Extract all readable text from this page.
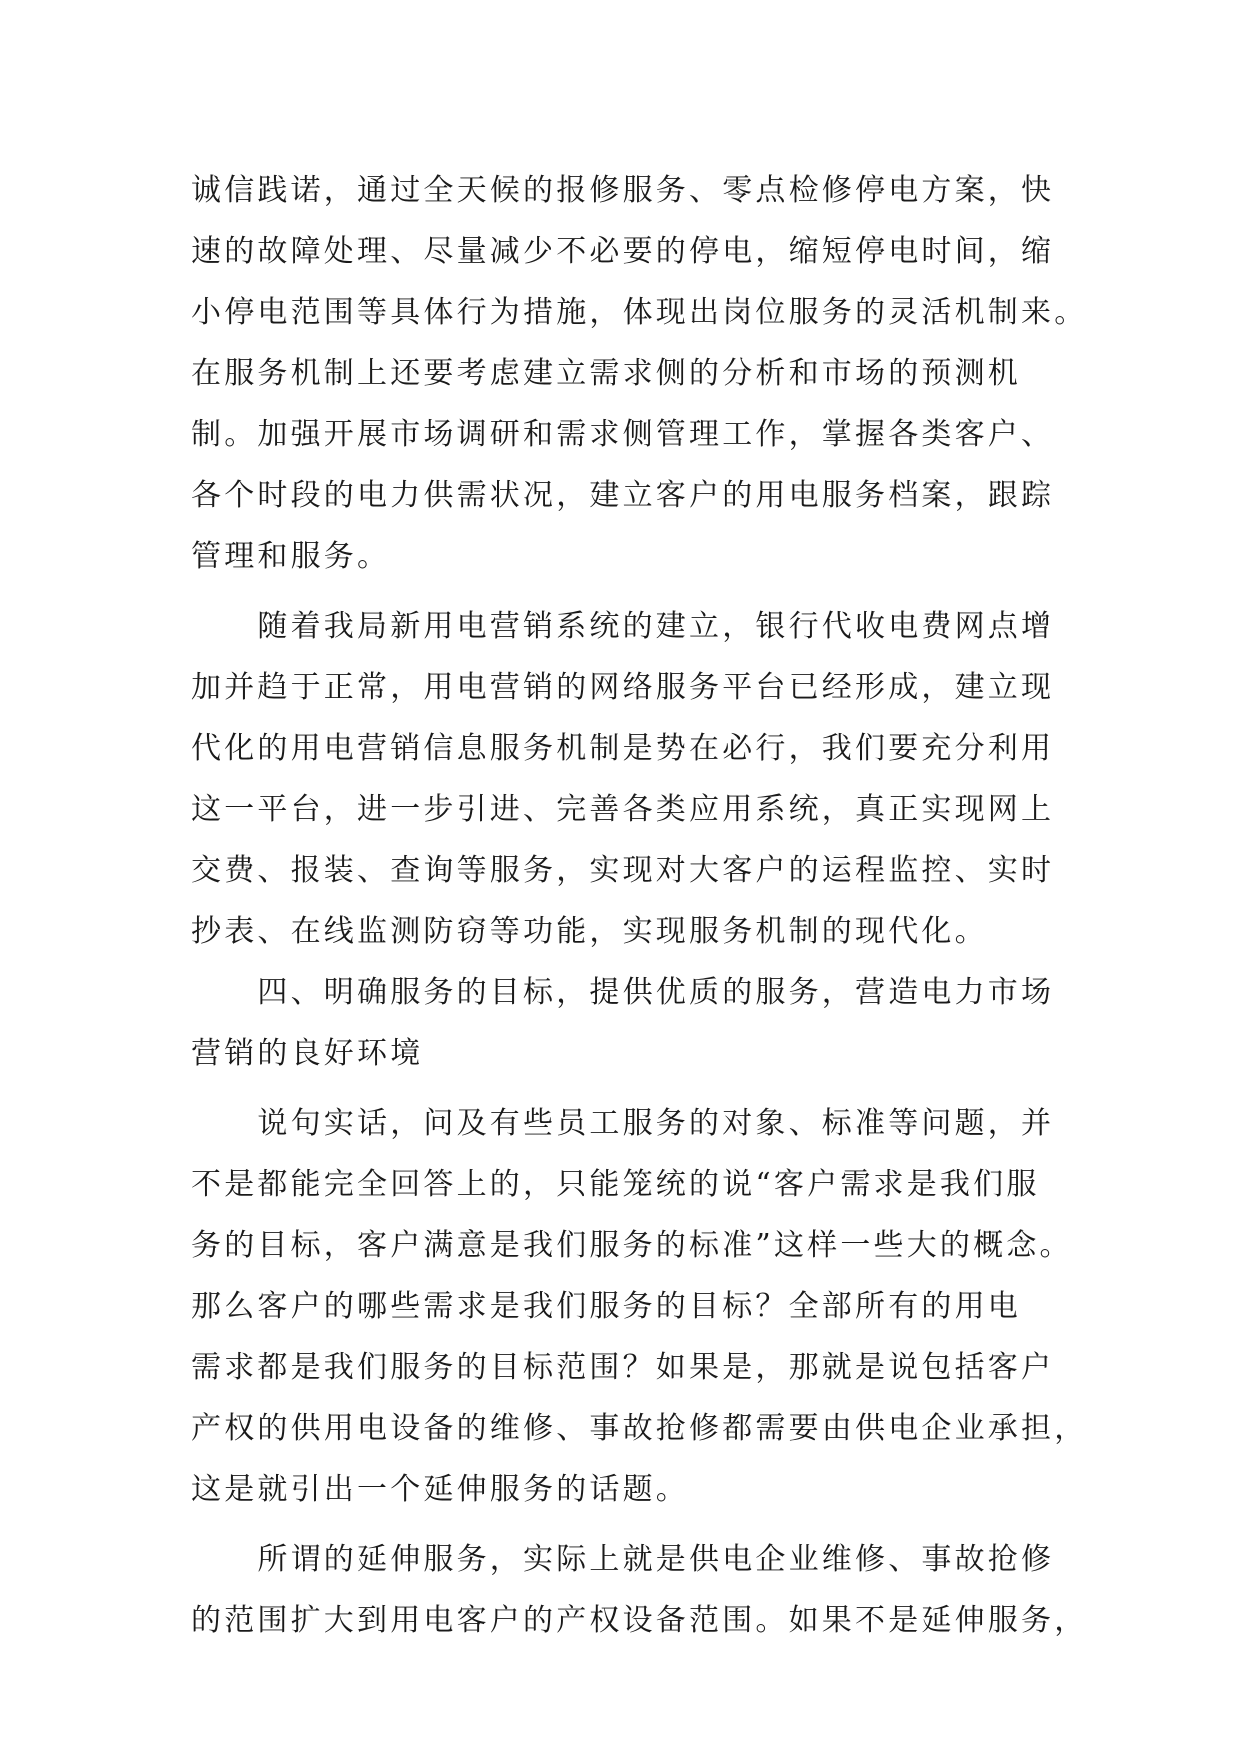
诚信践诺，通过全天候的报修服务、零点检修停电方案，快
速的故障处理、尽量减少不必要的停电，缩短停电时间，缩
小停电范围等具体行为措施，体现出岗位服务的灵活机制来。
在服务机制上还要考虑建立需求侧的分析和市场的预测机
制。加强开展市场调研和需求侧管理工作，掌握各类客户、
各个时段的电力供需状况，建立客户的用电服务档案，跟踪
管理和服务。
　　随着我局新用电营销系统的建立，银行代收电费网点增
加并趋于正常，用电营销的网络服务平台已经形成，建立现
代化的用电营销信息服务机制是势在必行，我们要充分利用
这一平台，进一步引进、完善各类应用系统，真正实现网上
交费、报装、查询等服务，实现对大客户的运程监控、实时
抄表、在线监测防窃等功能，实现服务机制的现代化。
　　四、明确服务的目标，提供优质的服务，营造电力市场
营销的良好环境
　　说句实话，问及有些员工服务的对象、标准等问题，并
不是都能完全回答上的，只能笼统的说“客户需求是我们服
务的目标，客户满意是我们服务的标准”这样一些大的概念。
那么客户的哪些需求是我们服务的目标？全部所有的用电
需求都是我们服务的目标范围？如果是，那就是说包括客户
产权的供用电设备的维修、事故抢修都需要由供电企业承担，
这是就引出一个延伸服务的话题。
　　所谓的延伸服务，实际上就是供电企业维修、事故抢修
的范围扩大到用电客户的产权设备范围。如果不是延伸服务，
